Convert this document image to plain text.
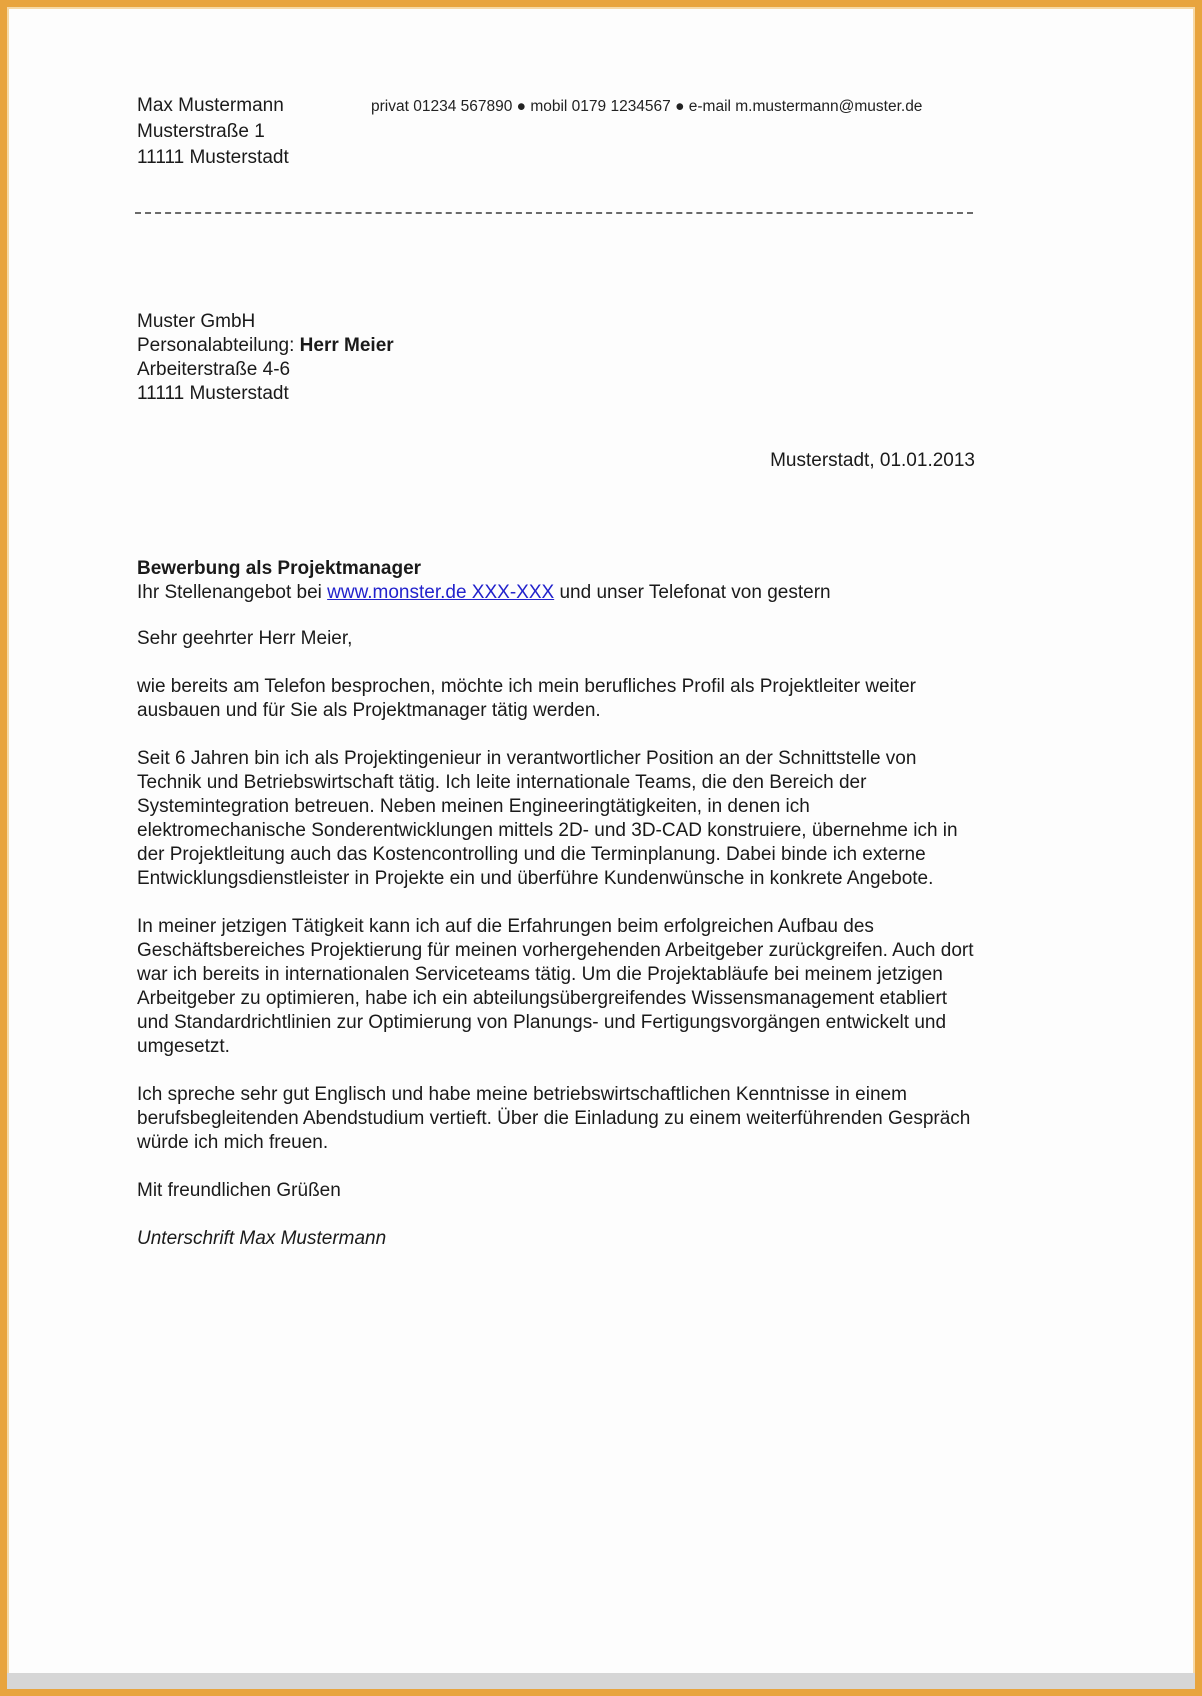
Max Mustermann
Musterstraße 1
11111 Musterstadt
privat 01234 567890 ● mobil 0179 1234567 ● e-mail m.mustermann@muster.de
Muster GmbH
Personalabteilung: Herr Meier
Arbeiterstraße 4-6
11111 Musterstadt
Musterstadt, 01.01.2013
Bewerbung als Projektmanager
Ihr Stellenangebot bei www.monster.de XXX-XXX und unser Telefonat von gestern

Sehr geehrter Herr Meier,

wie bereits am Telefon besprochen, möchte ich mein berufliches Profil als Projektleiter weiter ausbauen und für Sie als Projektmanager tätig werden.

Seit 6 Jahren bin ich als Projektingenieur in verantwortlicher Position an der Schnittstelle von Technik und Betriebswirtschaft tätig. Ich leite internationale Teams, die den Bereich der Systemintegration betreuen. Neben meinen Engineeringtätigkeiten, in denen ich elektromechanische Sonderentwicklungen mittels 2D- und 3D-CAD konstruiere, übernehme ich in der Projektleitung auch das Kostencontrolling und die Terminplanung. Dabei binde ich externe Entwicklungsdienstleister in Projekte ein und überführe Kundenwünsche in konkrete Angebote.

In meiner jetzigen Tätigkeit kann ich auf die Erfahrungen beim erfolgreichen Aufbau des Geschäftsbereiches Projektierung für meinen vorhergehenden Arbeitgeber zurückgreifen. Auch dort war ich bereits in internationalen Serviceteams tätig. Um die Projektabläufe bei meinem jetzigen Arbeitgeber zu optimieren, habe ich ein abteilungsübergreifendes Wissensmanagement etabliert und Standardrichtlinien zur Optimierung von Planungs- und Fertigungsvorgängen entwickelt und umgesetzt.

Ich spreche sehr gut Englisch und habe meine betriebswirtschaftlichen Kenntnisse in einem berufsbegleitenden Abendstudium vertieft. Über die Einladung zu einem weiterführenden Gespräch würde ich mich freuen.

Mit freundlichen Grüßen

Unterschrift Max Mustermann
